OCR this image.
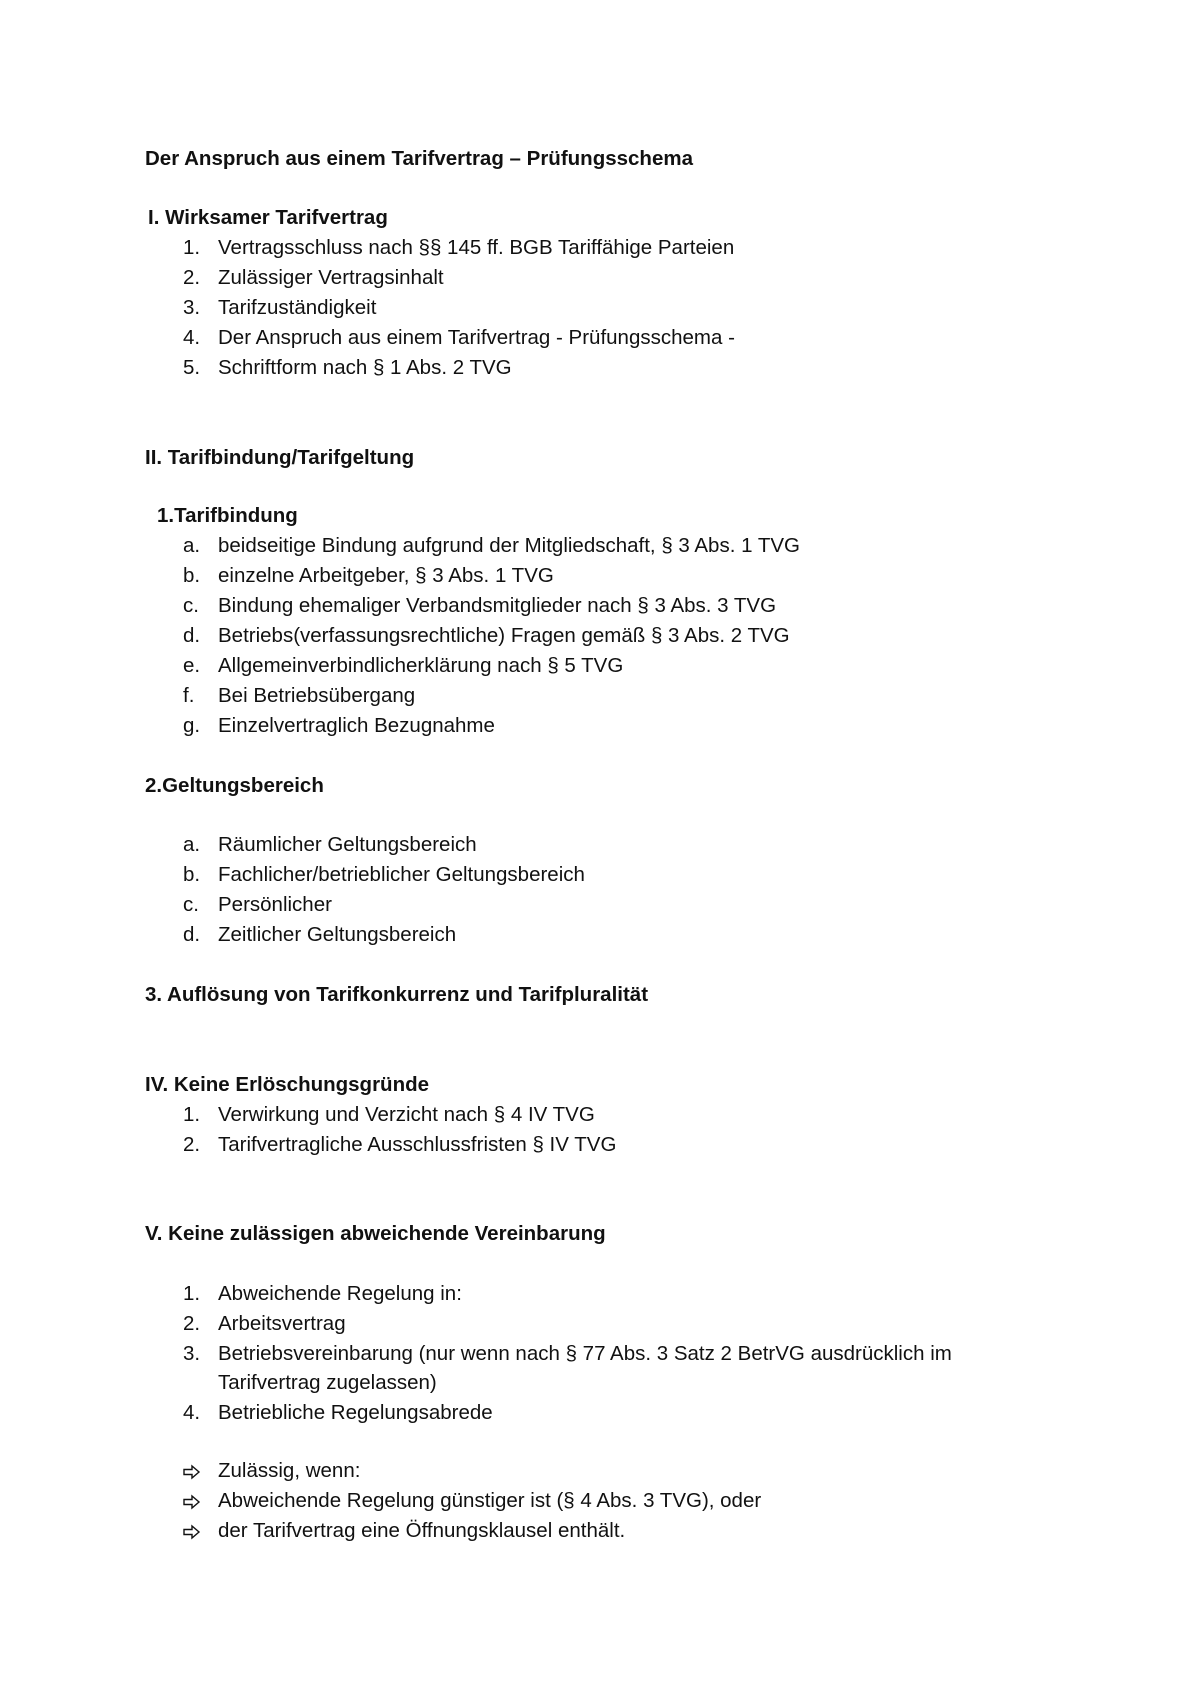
Der Anspruch aus einem Tarifvertrag – Prüfungsschema
I. Wirksamer Tarifvertrag
1. Vertragsschluss nach §§ 145 ff. BGB Tariffähige Parteien
2. Zulässiger Vertragsinhalt
3. Tarifzuständigkeit
4. Der Anspruch aus einem Tarifvertrag - Prüfungsschema -
5. Schriftform nach § 1 Abs. 2 TVG
II. Tarifbindung/Tarifgeltung
1.Tarifbindung
a. beidseitige Bindung aufgrund der Mitgliedschaft, § 3 Abs. 1 TVG
b. einzelne Arbeitgeber, § 3 Abs. 1 TVG
c. Bindung ehemaliger Verbandsmitglieder nach § 3 Abs. 3 TVG
d. Betriebs(verfassungsrechtliche) Fragen gemäß § 3 Abs. 2 TVG
e. Allgemeinverbindlicherklärung nach § 5 TVG
f. Bei Betriebsübergang
g. Einzelvertraglich Bezugnahme
2.Geltungsbereich
a. Räumlicher Geltungsbereich
b. Fachlicher/betrieblicher Geltungsbereich
c. Persönlicher
d. Zeitlicher Geltungsbereich
3. Auflösung von Tarifkonkurrenz und Tarifpluralität
IV. Keine Erlöschungsgründe
1. Verwirkung und Verzicht nach § 4 IV TVG
2. Tarifvertragliche Ausschlussfristen § IV TVG
V. Keine zulässigen abweichende Vereinbarung
1. Abweichende Regelung in:
2. Arbeitsvertrag
3. Betriebsvereinbarung (nur wenn nach § 77 Abs. 3 Satz 2 BetrVG ausdrücklich im
Tarifvertrag zugelassen)
4. Betriebliche Regelungsabrede
Zulässig, wenn:
Abweichende Regelung günstiger ist (§ 4 Abs. 3 TVG), oder
der Tarifvertrag eine Öffnungsklausel enthält.
